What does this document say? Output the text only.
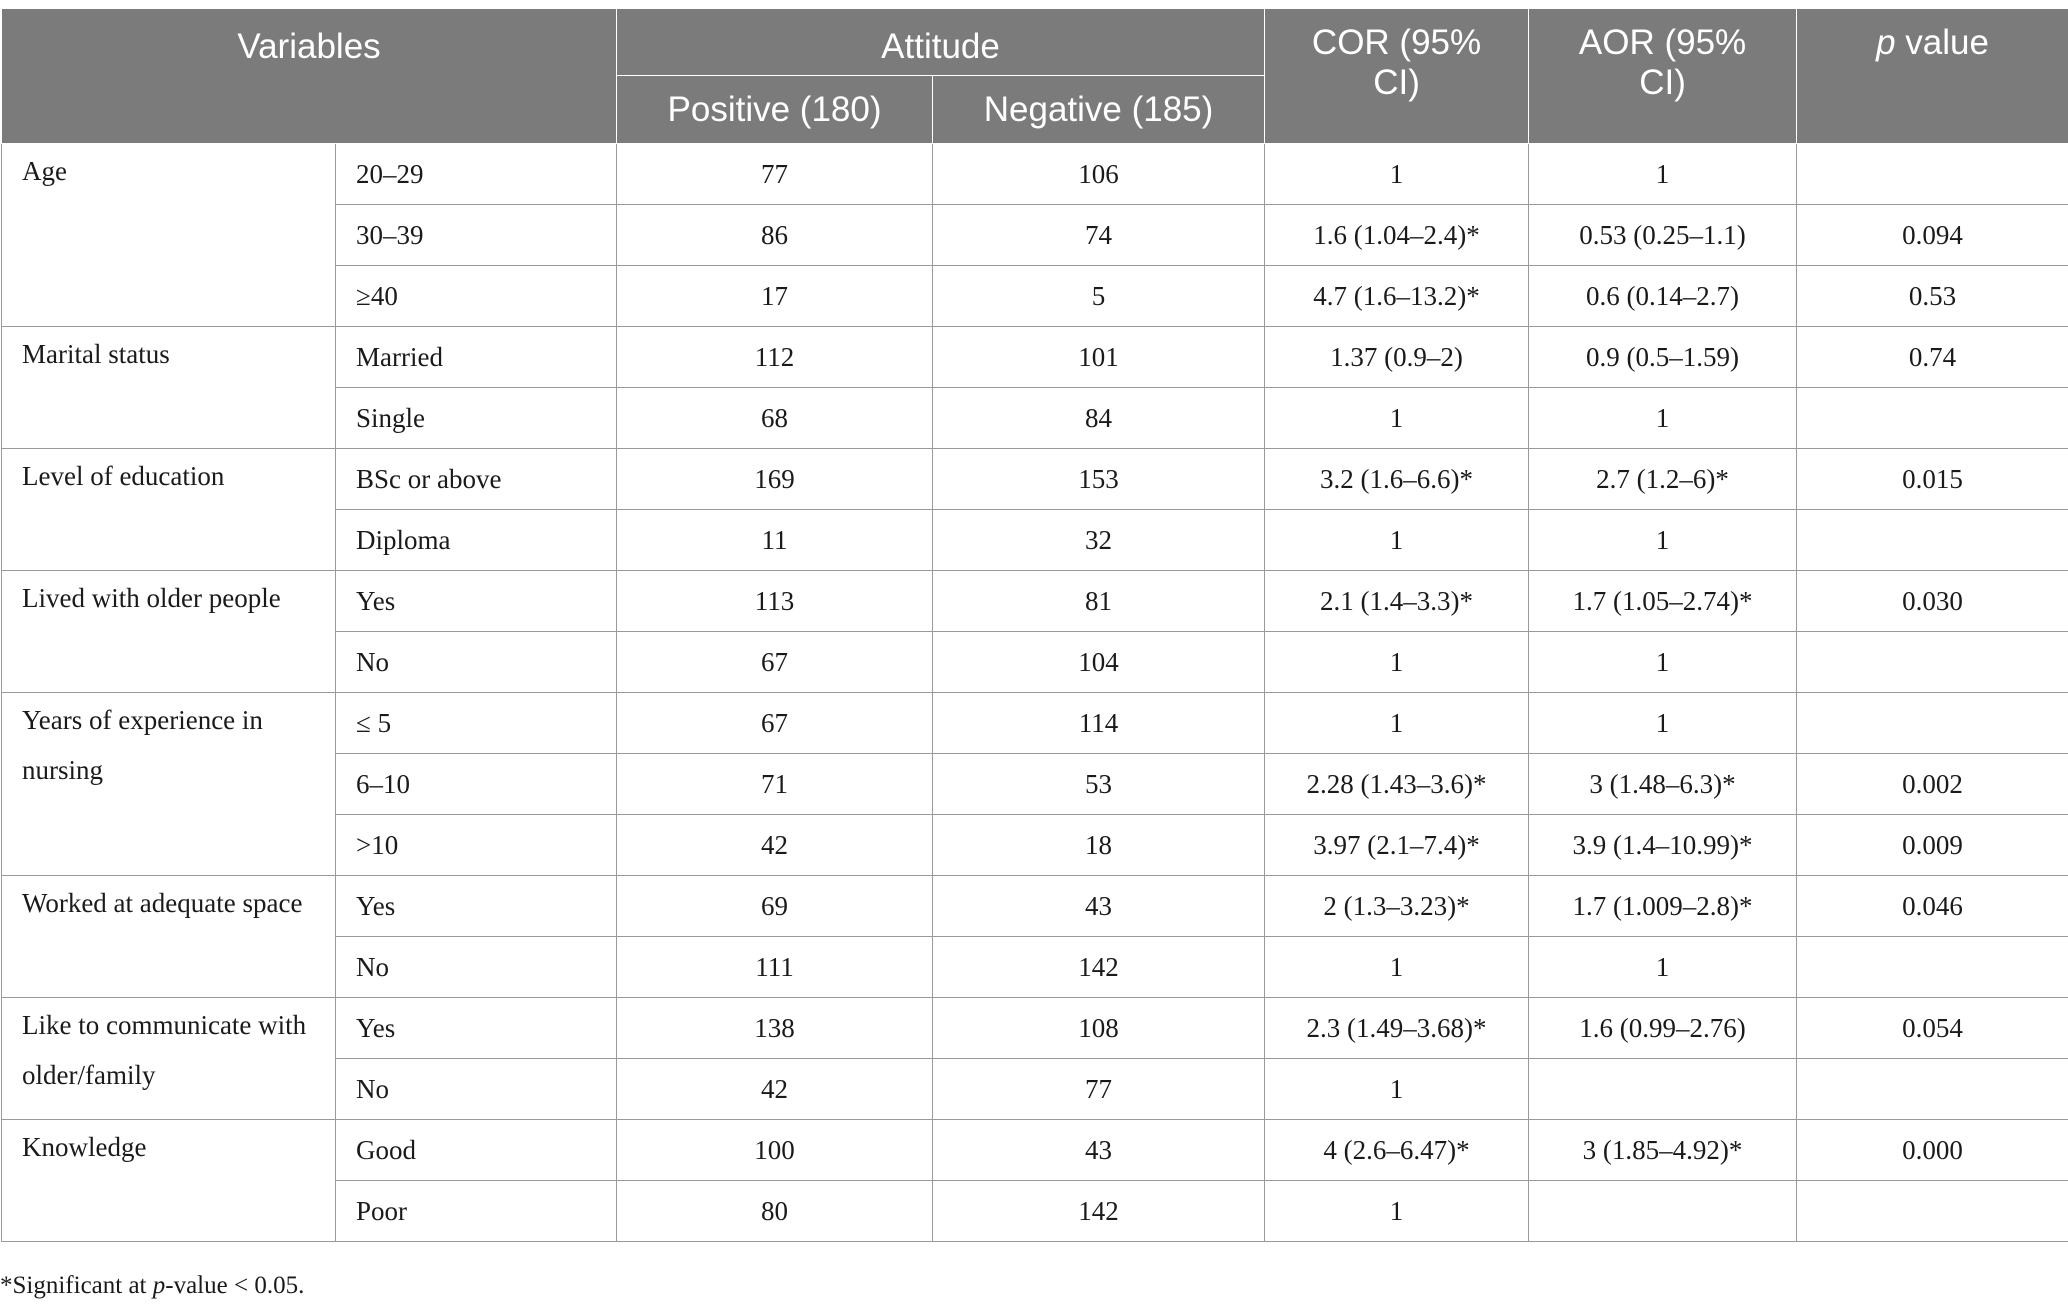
Variables		Attitude		COR (95% CI)	AOR (95% CI)	p value
		Positive (180)	Negative (185)			

Age	20–29	77	106	1	1	
	30–39	86	74	1.6 (1.04–2.4)*	0.53 (0.25–1.1)	0.094
	≥40	17	5	4.7 (1.6–13.2)*	0.6 (0.14–2.7)	0.53

Marital status	Married	112	101	1.37 (0.9–2)	0.9 (0.5–1.59)	0.74
	Single	68	84	1	1	

Level of education	BSc or above	169	153	3.2 (1.6–6.6)*	2.7 (1.2–6)*	0.015
	Diploma	11	32	1	1	

Lived with older people	Yes	113	81	2.1 (1.4–3.3)*	1.7 (1.05–2.74)*	0.030
	No	67	104	1	1	

Years of experience in nursing	≤ 5	67	114	1	1	
	6–10	71	53	2.28 (1.43–3.6)*	3 (1.48–6.3)*	0.002
	>10	42	18	3.97 (2.1–7.4)*	3.9 (1.4–10.99)*	0.009

Worked at adequate space	Yes	69	43	2 (1.3–3.23)*	1.7 (1.009–2.8)*	0.046
	No	111	142	1	1	

Like to communicate with older/family	Yes	138	108	2.3 (1.49–3.68)*	1.6 (0.99–2.76)	0.054
	No	42	77	1		

Knowledge	Good	100	43	4 (2.6–6.47)*	3 (1.85–4.92)*	0.000
	Poor	80	142	1		
*Significant at p-value < 0.05.
